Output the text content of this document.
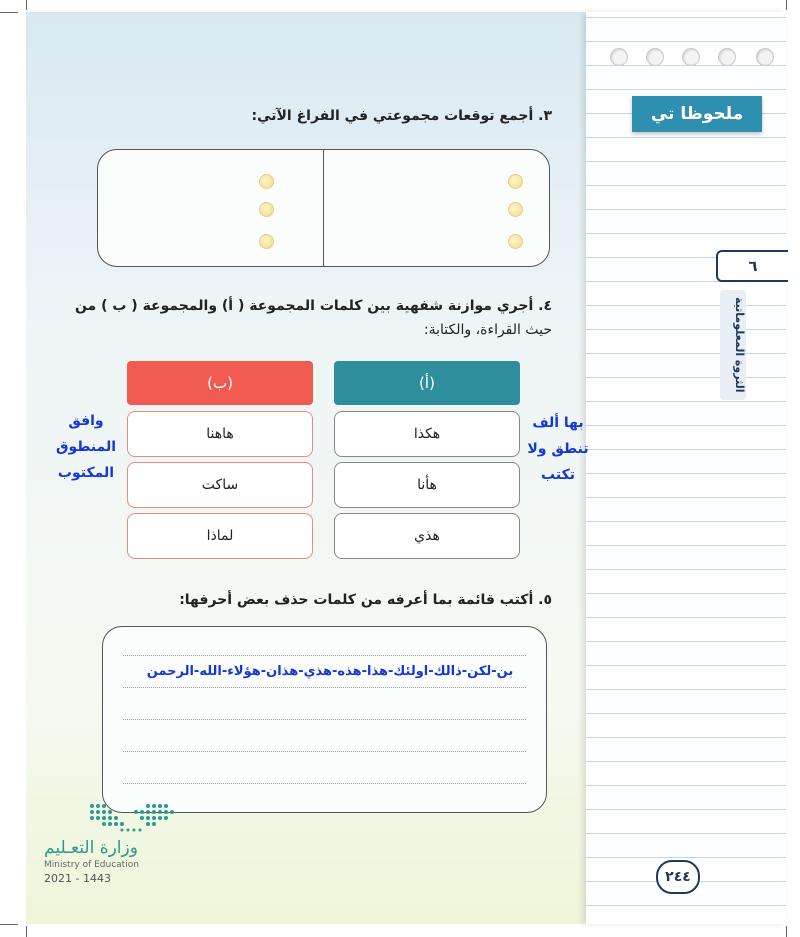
ملحوظا تي
٦
الثروة المعلوماتية
٣. أجمع توقعات مجموعتي في الفراغ الآتي:
٤. أجري موازنة شفهية بين كلمات المجموعة ( أ) والمجموعة ( ب ) من
حيث القراءة، والكتابة:
(ب)	(أ)
هكذا
هأنا
هذي
هاهنا
ساكت
لماذا
بها ألف
تنطق ولا
تكتب
وافق
المنطوق
المكتوب
٥. أكتب قائمة بما أعرفه من كلمات حذف بعض أحرفها:
بن-لكن-ذالك-اولئك-هذا-هذه-هذي-هذان-هؤلاء-الله-الرحمن
وزارة التعـليم
Ministry of Education
2021 - 1443	٢٤٤
